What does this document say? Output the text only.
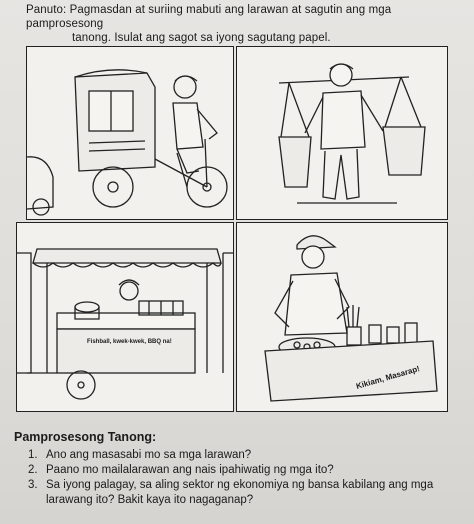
Panuto: Pagmasdan at suriing mabuti ang larawan at sagutin ang mga pamprosesong
tanong. Isulat ang sagot sa iyong sagutang papel.
Fishball, kwek-kwek, BBQ na!
Kikiam, Masarap!
Pamprosesong Tanong:
1. Ano ang masasabi mo sa mga larawan?
2. Paano mo mailalarawan ang nais ipahiwatig ng mga ito?
3. Sa iyong palagay, sa aling sektor ng ekonomiya ng bansa kabilang ang mga larawang ito? Bakit kaya ito nagaganap?
